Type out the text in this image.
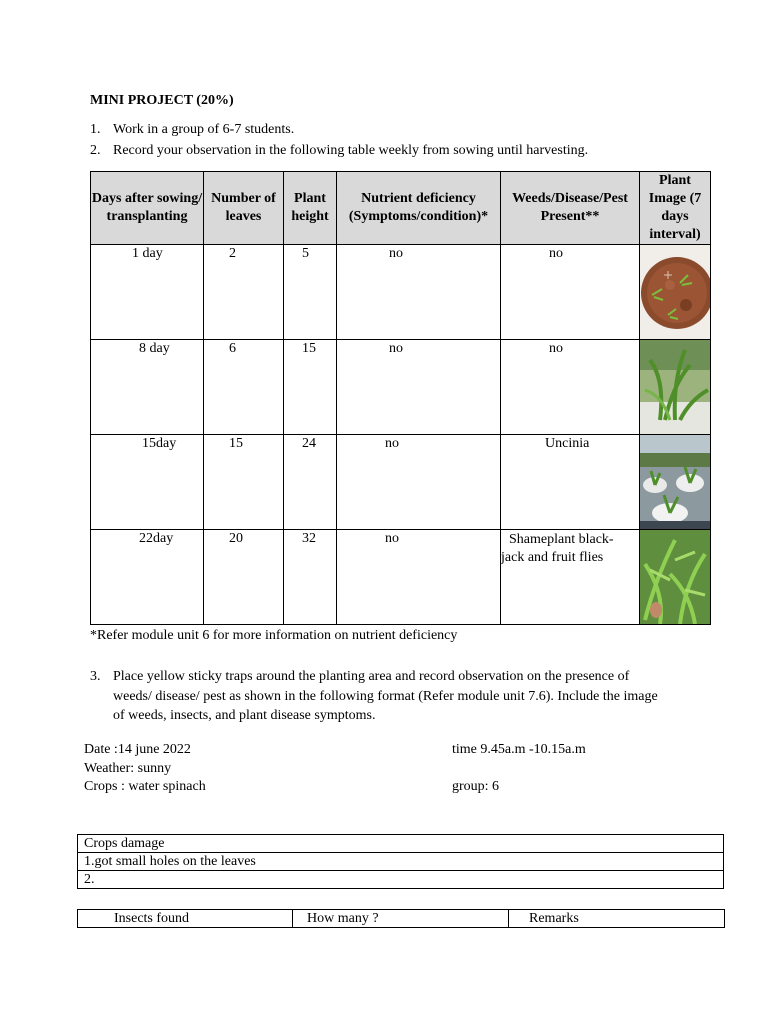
MINI PROJECT (20%)
1. Work in a group of 6-7 students.
2. Record your observation in the following table weekly from sowing until harvesting.
Days after sowing/ transplanting	Number of leaves	Plant height	Nutrient deficiency (Symptoms/condition)*	Weeds/Disease/Pest Present**	Plant Image (7 days interval)

1 day	2	5	no	no

8 day	6	15	no	no

15day	15	24	no	Uncinia

22day	20	32	no	Shameplant black-jack and fruit flies

*Refer module unit 6 for more information on nutrient deficiency
3. Place yellow sticky traps around the planting area and record observation on the presence of weeds/ disease/ pest as shown in the following format (Refer module unit 7.6). Include the image of weeds, insects, and plant disease symptoms.
Date :14 june 2022	time 9.45a.m -10.15a.m
Weather: sunny
Crops : water spinach	group: 6
Crops damage
1.got small holes on the leaves
2.
Insects found	How many ?	Remarks
